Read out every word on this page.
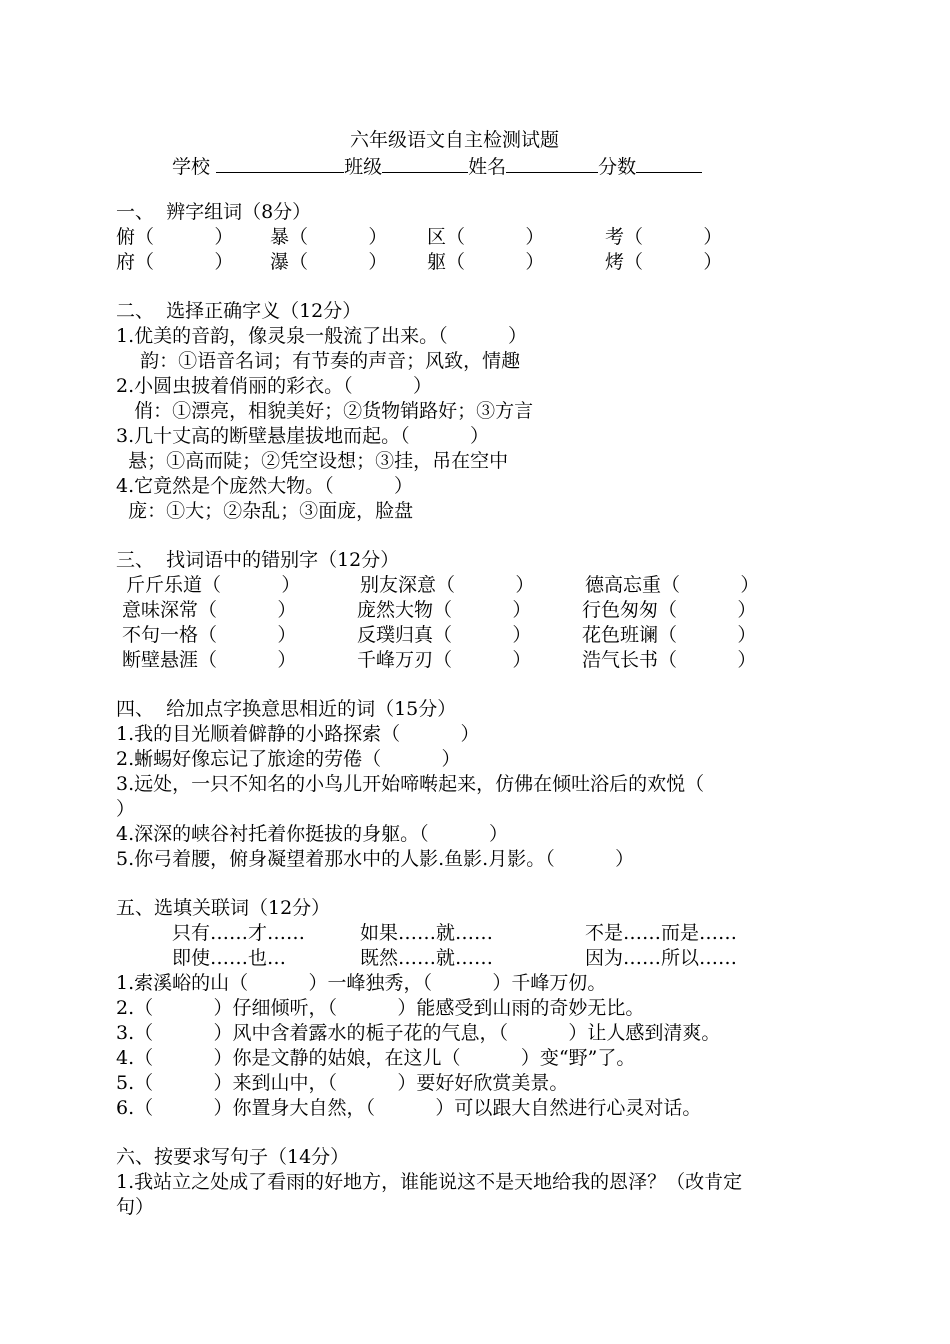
六年级语文自主检测试题
学校	班级	姓名	分数
一、  辨字组词（8分）
俯（          ） 暴（          ） 区（          ）	考（          ）
府（          ） 瀑（          ） 躯（          ）	烤（          ）
二、  选择正确字义（12分）
1.优美的音韵，像灵泉一般流了出来。（          ）
韵：①语音名词；有节奏的声音；风致，情趣
2.小圆虫披着俏丽的彩衣。（          ）
俏：①漂亮，相貌美好；②货物销路好；③方言
3.几十丈高的断壁悬崖拔地而起。（          ）
悬；①高而陡；②凭空设想；③挂，吊在空中
4.它竟然是个庞然大物。（          ）
庞：①大；②杂乱；③面庞，脸盘
三、  找词语中的错别字（12分）
斤斤乐道（          ）	别友深意（          ）	德高忘重（          ）
意味深常（          ）	庞然大物（          ）	行色匆匆（          ）
不句一格（          ）	反璞归真（          ）	花色班谰（          ）
断壁悬涯（          ）	千峰万刃（          ）	浩气长书（          ）
四、  给加点字换意思相近的词（15分）
1.我的目光顺着僻静的小路探索（          ）
2.蜥蜴好像忘记了旅途的劳倦（          ）
3.远处，一只不知名的小鸟儿开始啼啭起来，仿佛在倾吐浴后的欢悦（
）
4.深深的峡谷衬托着你挺拔的身躯。（          ）
5.你弓着腰，俯身凝望着那水中的人影.鱼影.月影。（          ）
五、选填关联词（12分）
只有……才……	如果……就……	不是……而是……
即使……也…	既然……就……	因为……所以……
1.索溪峪的山（          ）一峰独秀，（          ）千峰万仞。
2.（          ）仔细倾听，（          ）能感受到山雨的奇妙无比。
3.（          ）风中含着露水的栀子花的气息，（          ）让人感到清爽。
4.（          ）你是文静的姑娘，在这儿（          ）变“野”了。
5.（          ）来到山中，（          ）要好好欣赏美景。
6.（          ）你置身大自然，（          ）可以跟大自然进行心灵对话。
六、按要求写句子（14分）
1.我站立之处成了看雨的好地方，谁能说这不是天地给我的恩泽？（改肯定
句）
